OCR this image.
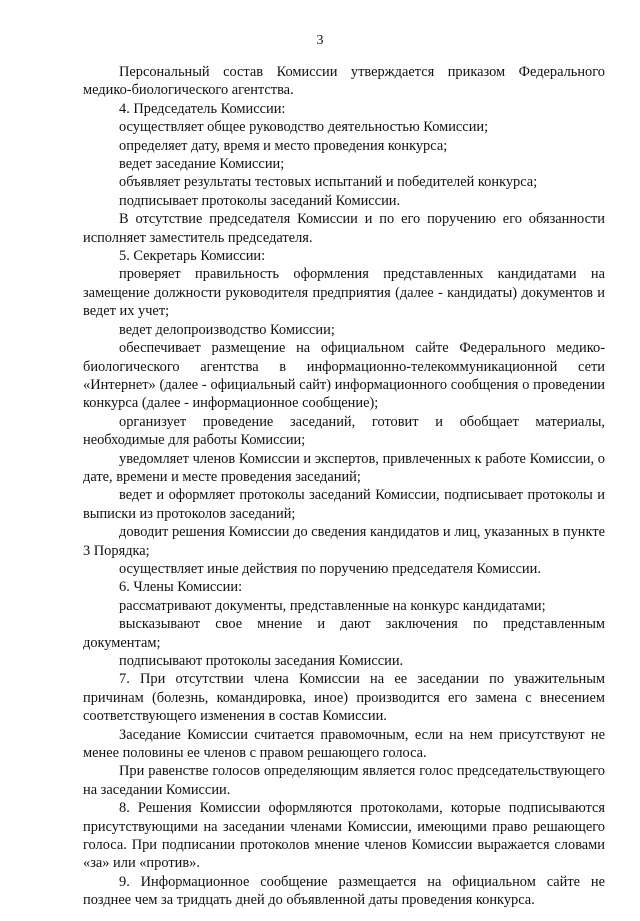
3

Персональный состав Комиссии утверждается приказом Федерального медико-биологического агентства.

4. Председатель Комиссии:

осуществляет общее руководство деятельностью Комиссии;

определяет дату, время и место проведения конкурса;

ведет заседание Комиссии;

объявляет результаты тестовых испытаний и победителей конкурса;

подписывает протоколы заседаний Комиссии.

В отсутствие председателя Комиссии и по его поручению его обязанности исполняет заместитель председателя.

5. Секретарь Комиссии:

проверяет правильность оформления представленных кандидатами на замещение должности руководителя предприятия (далее - кандидаты) документов и ведет их учет;

ведет делопроизводство Комиссии;

обеспечивает размещение на официальном сайте Федерального медико-биологического агентства в информационно-телекоммуникационной сети «Интернет» (далее - официальный сайт) информационного сообщения о проведении конкурса (далее - информационное сообщение);

организует проведение заседаний, готовит и обобщает материалы, необходимые для работы Комиссии;

уведомляет членов Комиссии и экспертов, привлеченных к работе Комиссии, о дате, времени и месте проведения заседаний;

ведет и оформляет протоколы заседаний Комиссии, подписывает протоколы и выписки из протоколов заседаний;

доводит решения Комиссии до сведения кандидатов и лиц, указанных в пункте 3 Порядка;

осуществляет иные действия по поручению председателя Комиссии.

6. Члены Комиссии:

рассматривают документы, представленные на конкурс кандидатами;

высказывают свое мнение и дают заключения по представленным документам;

подписывают протоколы заседания Комиссии.

7. При отсутствии члена Комиссии на ее заседании по уважительным причинам (болезнь, командировка, иное) производится его замена с внесением соответствующего изменения в состав Комиссии.

Заседание Комиссии считается правомочным, если на нем присутствуют не менее половины ее членов с правом решающего голоса.

При равенстве голосов определяющим является голос председательствующего на заседании Комиссии.

8. Решения Комиссии оформляются протоколами, которые подписываются присутствующими на заседании членами Комиссии, имеющими право решающего голоса. При подписании протоколов мнение членов Комиссии выражается словами «за» или «против».

9. Информационное сообщение размещается на официальном сайте не позднее чем за тридцать дней до объявленной даты проведения конкурса.
